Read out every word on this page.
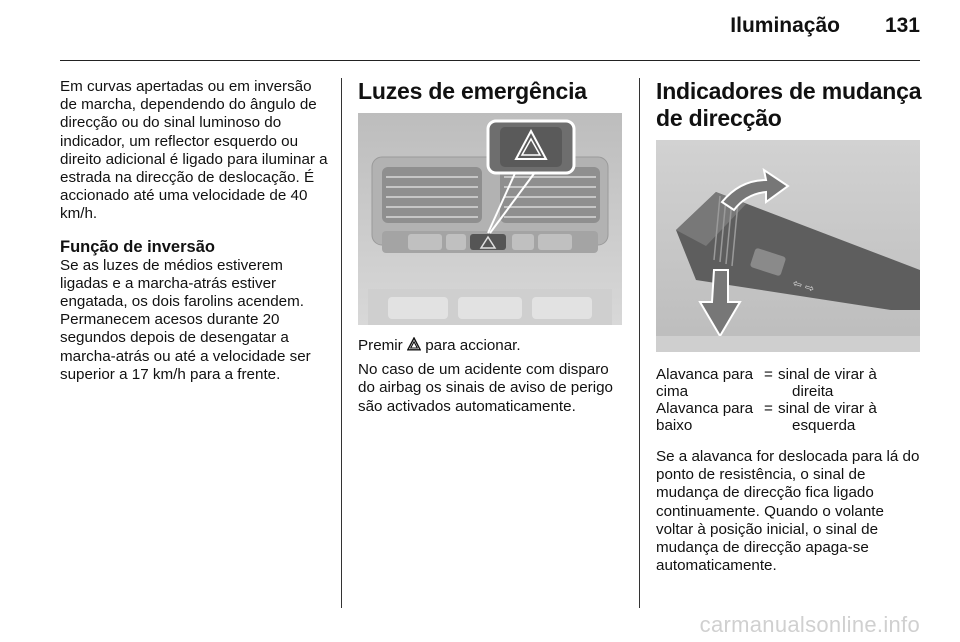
Iluminação 131

Em curvas apertadas ou em inversão de marcha, dependendo do ângulo de direcção ou do sinal luminoso do indicador, um reflector esquerdo ou direito adicional é ligado para iluminar a estrada na direcção de deslocação. É accionado até uma velocidade de 40 km/h.

Função de inversão

Se as luzes de médios estiverem ligadas e a marcha-atrás estiver engatada, os dois farolins acendem. Permanecem acesos durante 20 segundos depois de desengatar a marcha-atrás ou até a velocidade ser superior a 17 km/h para a frente.

Luzes de emergência

Premir para accionar.

No caso de um acidente com disparo do airbag os sinais de aviso de perigo são activados automaticamente.

Indicadores de mudança de direcção
⇦ ⇨
Alavanca para cima	=	sinal de virar à
direita

Alavanca para baixo	=	sinal de virar à
esquerda

Se a alavanca for deslocada para lá do ponto de resistência, o sinal de mudança de direcção fica ligado continuamente. Quando o volante voltar à posição inicial, o sinal de mudança de direcção apaga-se automaticamente.

carmanualsonline.info
